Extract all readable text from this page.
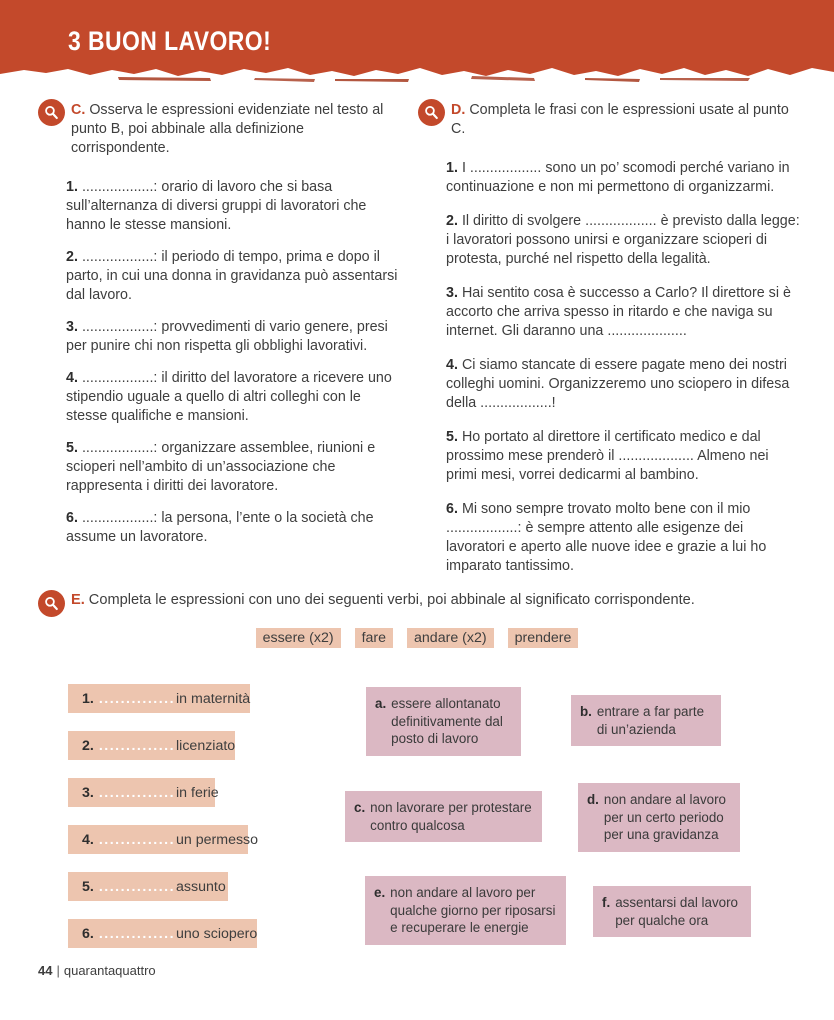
3 BUON LAVORO!

C. Osserva le espressioni evidenziate nel testo al punto B, poi abbinale alla definizione corrispondente.

1. ..................: orario di lavoro che si basa sull’alternanza di diversi gruppi di lavoratori che hanno le stesse mansioni.

2. ..................: il periodo di tempo, prima e dopo il parto, in cui una donna in gravidanza può assentarsi dal lavoro.

3. ..................: provvedimenti di vario genere, presi per punire chi non rispetta gli obblighi lavorativi.

4. ..................: il diritto del lavoratore a ricevere uno stipendio uguale a quello di altri colleghi con le stesse qualifiche e mansioni.

5. ..................: organizzare assemblee, riunioni e scioperi nell’ambito di un’associazione che rappresenta i diritti dei lavoratore.

6. ..................: la persona, l’ente o la società che assume un lavoratore.

D. Completa le frasi con le espressioni usate al punto C.

1. I .................. sono un po’ scomodi perché variano in continuazione e non mi permettono di organizzarmi.

2. Il diritto di svolgere .................. è previsto dalla legge: i lavoratori possono unirsi e organizzare scioperi di protesta, purché nel rispetto della legalità.

3. Hai sentito cosa è successo a Carlo? Il direttore si è accorto che arriva spesso in ritardo e che naviga su internet. Gli daranno una ....................

4. Ci siamo stancate di essere pagate meno dei nostri colleghi uomini. Organizzeremo uno sciopero in difesa della ..................!

5. Ho portato al direttore il certificato medico e dal prossimo mese prenderò il ................... Almeno nei primi mesi, vorrei dedicarmi al bambino.

6. Mi sono sempre trovato molto bene con il mio ..................: è sempre attento alle esigenze dei lavoratori e aperto alle nuove idee e grazie a lui ho imparato tantissimo.

E. Completa le espressioni con uno dei seguenti verbi, poi abbinale al significato corrispondente.

essere (x2)	fare	andare (x2)	prendere
1. .............. in maternità
2. .............. licenziato
3. .............. in ferie
4. .............. un permesso
5. .............. assunto
6. .............. uno sciopero
a. essere allontanato definitivamente dal posto di lavoro
b. entrare a far parte di un’azienda
c. non lavorare per protestare contro qualcosa
d. non andare al lavoro per un certo periodo per una gravidanza
e. non andare al lavoro per qualche giorno per riposarsi e recuperare le energie
f. assentarsi dal lavoro per qualche ora
44 | quarantaquattro
